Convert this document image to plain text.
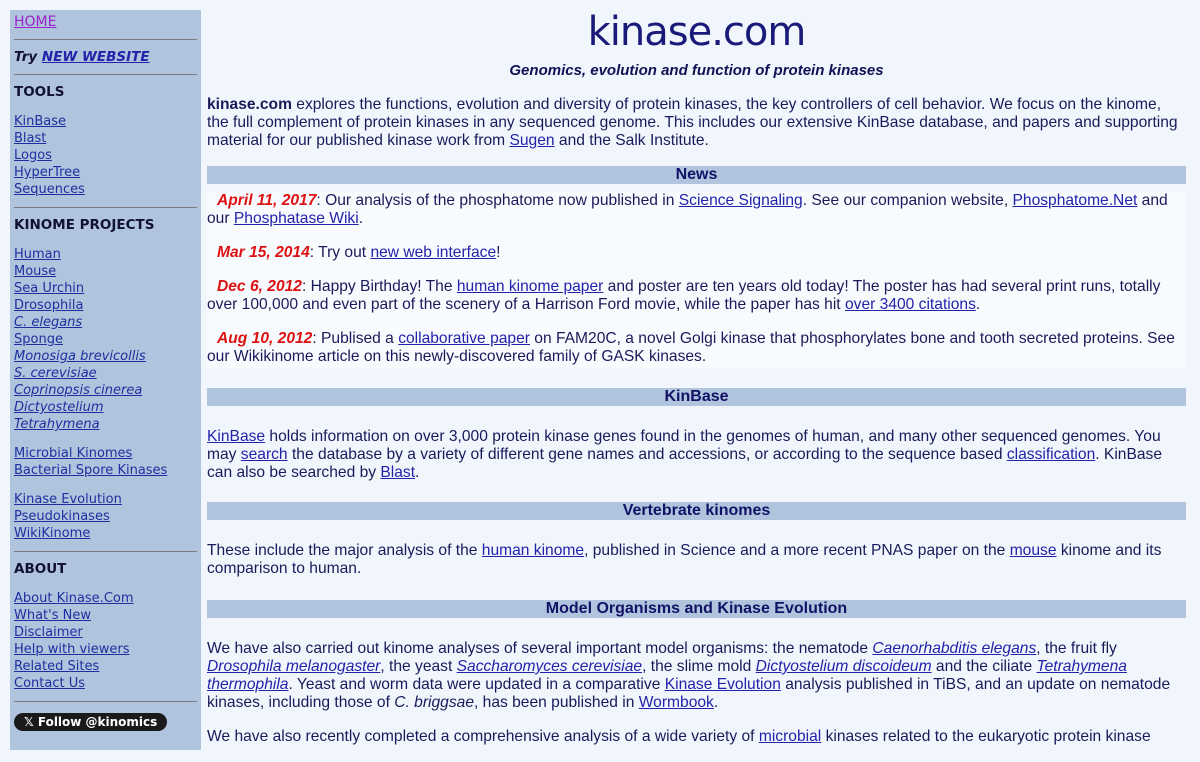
HOME
Try NEW WEBSITE
TOOLS
KinBase
Blast
Logos
HyperTree
Sequences
KINOME PROJECTS
Human
Mouse
Sea Urchin
Drosophila
C. elegans
Sponge
Monosiga brevicollis
S. cerevisiae
Coprinopsis cinerea
Dictyostelium
Tetrahymena
Microbial Kinomes
Bacterial Spore Kinases
Kinase Evolution
Pseudokinases
WikiKinome
ABOUT
About Kinase.Com
What's New
Disclaimer
Help with viewers
Related Sites
Contact Us
𝕏 Follow @kinomics
kinase.com
Genomics, evolution and function of protein kinases

kinase.com explores the functions, evolution and diversity of protein kinases, the key controllers of cell behavior. We focus on the kinome, the full complement of protein kinases in any sequenced genome. This includes our extensive KinBase database, and papers and supporting material for our published kinase work from Sugen and the Salk Institute.

News

April 11, 2017: Our analysis of the phosphatome now published in Science Signaling. See our companion website, Phosphatome.Net and our Phosphatase Wiki.

Mar 15, 2014: Try out new web interface!

Dec 6, 2012: Happy Birthday! The human kinome paper and poster are ten years old today! The poster has had several print runs, totally over 100,000 and even part of the scenery of a Harrison Ford movie, while the paper has hit over 3400 citations.

Aug 10, 2012: Publised a collaborative paper on FAM20C, a novel Golgi kinase that phosphorylates bone and tooth secreted proteins. See our Wikikinome article on this newly-discovered family of GASK kinases.

KinBase

KinBase holds information on over 3,000 protein kinase genes found in the genomes of human, and many other sequenced genomes. You may search the database by a variety of different gene names and accessions, or according to the sequence based classification. KinBase can also be searched by Blast.

Vertebrate kinomes

These include the major analysis of the human kinome, published in Science and a more recent PNAS paper on the mouse kinome and its comparison to human.

Model Organisms and Kinase Evolution

We have also carried out kinome analyses of several important model organisms: the nematode Caenorhabditis elegans, the fruit fly Drosophila melanogaster, the yeast Saccharomyces cerevisiae, the slime mold Dictyostelium discoideum and the ciliate Tetrahymena thermophila. Yeast and worm data were updated in a comparative Kinase Evolution analysis published in TiBS, and an update on nematode kinases, including those of C. briggsae, has been published in Wormbook.

We have also recently completed a comprehensive analysis of a wide variety of microbial kinases related to the eukaryotic protein kinase
